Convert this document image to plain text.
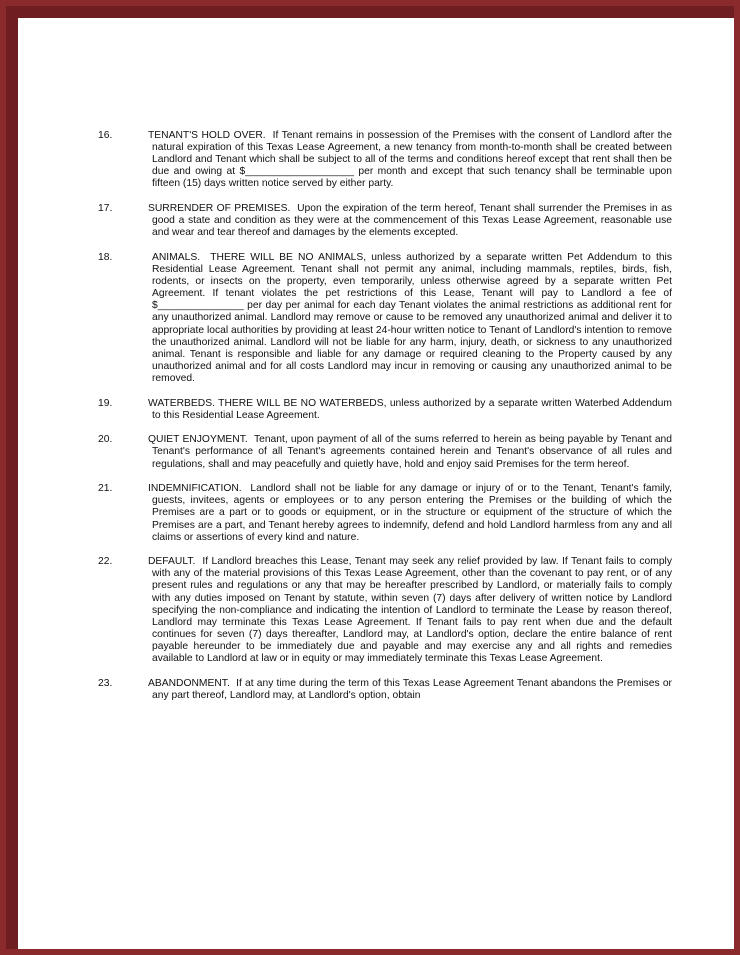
16.	TENANT'S HOLD OVER. If Tenant remains in possession of the Premises with the consent of Landlord after the natural expiration of this Texas Lease Agreement, a new tenancy from month-to-month shall be created between Landlord and Tenant which shall be subject to all of the terms and conditions hereof except that rent shall then be due and owing at $___________________ per month and except that such tenancy shall be terminable upon fifteen (15) days written notice served by either party.
17.	SURRENDER OF PREMISES. Upon the expiration of the term hereof, Tenant shall surrender the Premises in as good a state and condition as they were at the commencement of this Texas Lease Agreement, reasonable use and wear and tear thereof and damages by the elements excepted.
18.	ANIMALS. THERE WILL BE NO ANIMALS, unless authorized by a separate written Pet Addendum to this Residential Lease Agreement. Tenant shall not permit any animal, including mammals, reptiles, birds, fish, rodents, or insects on the property, even temporarily, unless otherwise agreed by a separate written Pet Agreement. If tenant violates the pet restrictions of this Lease, Tenant will pay to Landlord a fee of $_______________ per day per animal for each day Tenant violates the animal restrictions as additional rent for any unauthorized animal. Landlord may remove or cause to be removed any unauthorized animal and deliver it to appropriate local authorities by providing at least 24-hour written notice to Tenant of Landlord's intention to remove the unauthorized animal. Landlord will not be liable for any harm, injury, death, or sickness to any unauthorized animal. Tenant is responsible and liable for any damage or required cleaning to the Property caused by any unauthorized animal and for all costs Landlord may incur in removing or causing any unauthorized animal to be removed.
19.	WATERBEDS. THERE WILL BE NO WATERBEDS, unless authorized by a separate written Waterbed Addendum to this Residential Lease Agreement.
20.	QUIET ENJOYMENT. Tenant, upon payment of all of the sums referred to herein as being payable by Tenant and Tenant's performance of all Tenant's agreements contained herein and Tenant's observance of all rules and regulations, shall and may peacefully and quietly have, hold and enjoy said Premises for the term hereof.
21.	INDEMNIFICATION. Landlord shall not be liable for any damage or injury of or to the Tenant, Tenant's family, guests, invitees, agents or employees or to any person entering the Premises or the building of which the Premises are a part or to goods or equipment, or in the structure or equipment of the structure of which the Premises are a part, and Tenant hereby agrees to indemnify, defend and hold Landlord harmless from any and all claims or assertions of every kind and nature.
22.	DEFAULT. If Landlord breaches this Lease, Tenant may seek any relief provided by law. If Tenant fails to comply with any of the material provisions of this Texas Lease Agreement, other than the covenant to pay rent, or of any present rules and regulations or any that may be hereafter prescribed by Landlord, or materially fails to comply with any duties imposed on Tenant by statute, within seven (7) days after delivery of written notice by Landlord specifying the non-compliance and indicating the intention of Landlord to terminate the Lease by reason thereof, Landlord may terminate this Texas Lease Agreement. If Tenant fails to pay rent when due and the default continues for seven (7) days thereafter, Landlord may, at Landlord's option, declare the entire balance of rent payable hereunder to be immediately due and payable and may exercise any and all rights and remedies available to Landlord at law or in equity or may immediately terminate this Texas Lease Agreement.
23.	ABANDONMENT. If at any time during the term of this Texas Lease Agreement Tenant abandons the Premises or any part thereof, Landlord may, at Landlord's option, obtain
